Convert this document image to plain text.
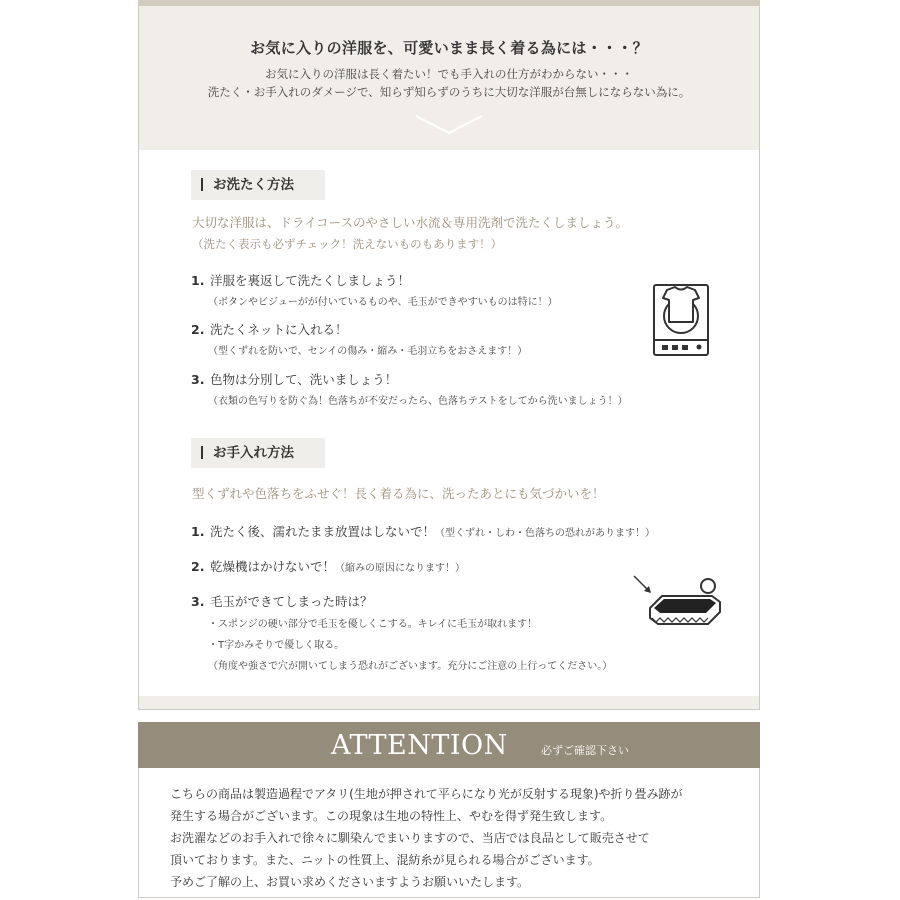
お気に入りの洋服を、可愛いまま長く着る為には・・・？
お気に入りの洋服は長く着たい！でも手入れの仕方がわからない・・・
洗たく・お手入れのダメージで、知らず知らずのうちに大切な洋服が台無しにならない為に。
お洗たく方法
大切な洋服は、ドライコースのやさしい水流＆専用洗剤で洗たくしましょう。
（洗たく表示も必ずチェック！洗えないものもあります！）
1. 洋服を裏返して洗たくしましょう！
（ボタンやビジューがが付いているものや、毛玉ができやすいものは特に！）
2. 洗たくネットに入れる！
（型くずれを防いで、センイの傷み・縮み・毛羽立ちをおさえます！）
3. 色物は分別して、洗いましょう！
（衣類の色写りを防ぐ為！色落ちが不安だったら、色落ちテストをしてから洗いましょう！）
お手入れ方法
型くずれや色落ちをふせぐ！長く着る為に、洗ったあとにも気づかいを！
1. 洗たく後、濡れたまま放置はしないで！（型くずれ・しわ・色落ちの恐れがあります！）
2. 乾燥機はかけないで！（縮みの原因になります！）
3. 毛玉ができてしまった時は？
・スポンジの硬い部分で毛玉を優しくこする。キレイに毛玉が取れます！
・T字かみそりで優しく取る。
（角度や強さで穴が開いてしまう恐れがございます。充分にご注意の上行ってください。）
ATTENTION	必ずご確認下さい
こちらの商品は製造過程でアタリ(生地が押されて平らになり光が反射する現象)や折り畳み跡が
発生する場合がございます。この現象は生地の特性上、やむを得ず発生致します。
お洗濯などのお手入れで徐々に馴染んでまいりますので、当店では良品として販売させて
頂いております。また、ニットの性質上、混紡糸が見られる場合がございます。
予めご了解の上、お買い求めくださいますようお願いいたします。
